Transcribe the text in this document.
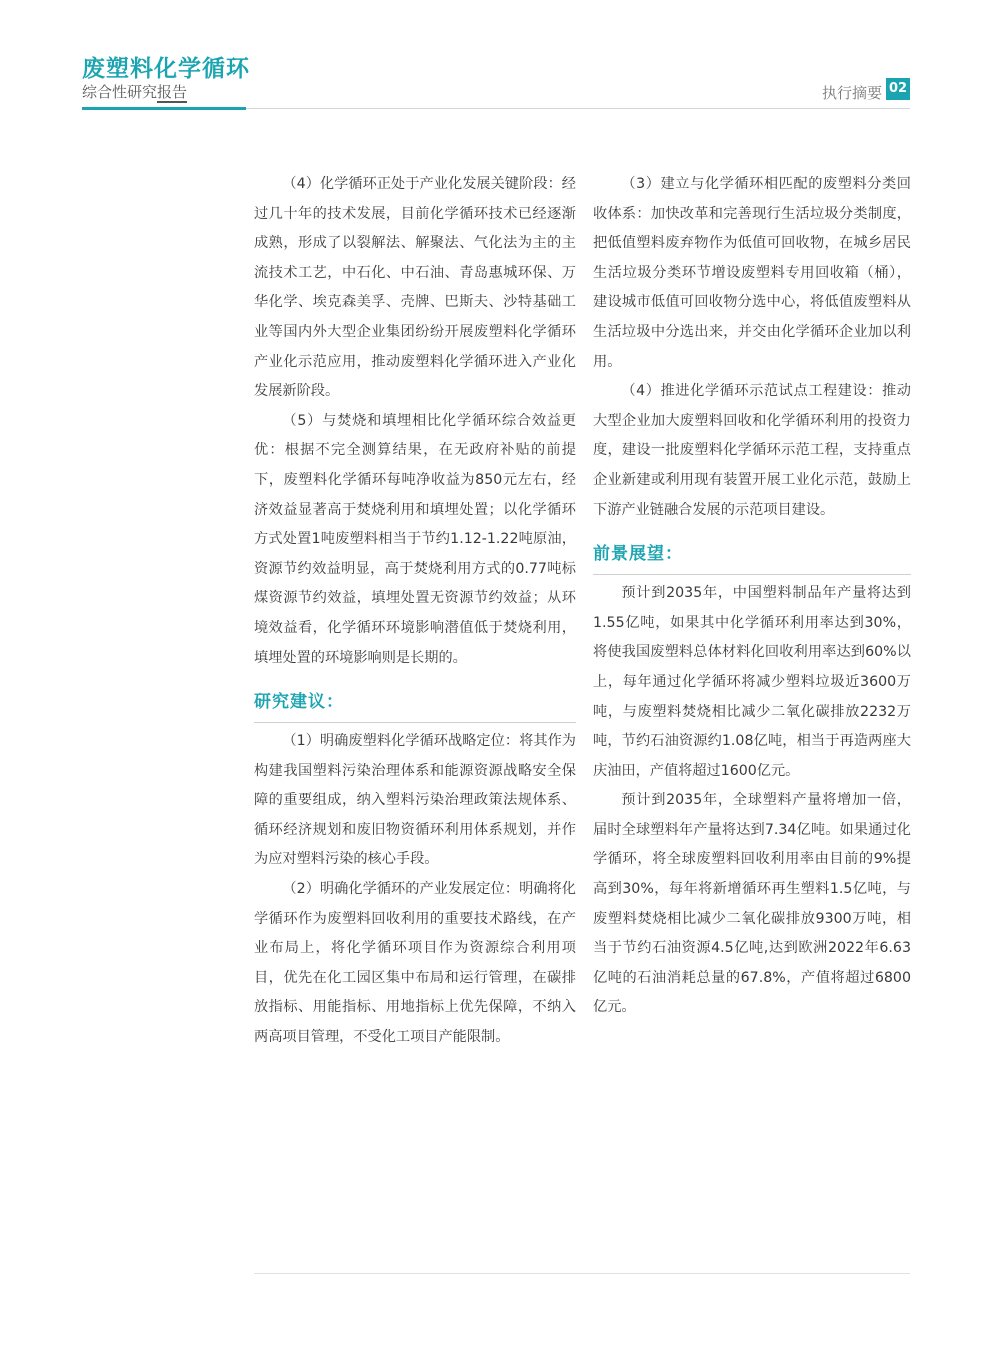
废塑料化学循环
综合性研究报告	执行摘要 02

（4）化学循环正处于产业化发展关键阶段：经过几十年的技术发展，目前化学循环技术已经逐渐成熟，形成了以裂解法、解聚法、气化法为主的主流技术工艺，中石化、中石油、青岛惠城环保、万华化学、埃克森美孚、壳牌、巴斯夫、沙特基础工业等国内外大型企业集团纷纷开展废塑料化学循环产业化示范应用，推动废塑料化学循环进入产业化发展新阶段。

（5）与焚烧和填埋相比化学循环综合效益更优：根据不完全测算结果，在无政府补贴的前提下，废塑料化学循环每吨净收益为850元左右，经济效益显著高于焚烧利用和填埋处置；以化学循环方式处置1吨废塑料相当于节约1.12-1.22吨原油，资源节约效益明显，高于焚烧利用方式的0.77吨标煤资源节约效益，填埋处置无资源节约效益；从环境效益看，化学循环环境影响潜值低于焚烧利用，填埋处置的环境影响则是长期的。

研究建议：

（1）明确废塑料化学循环战略定位：将其作为构建我国塑料污染治理体系和能源资源战略安全保障的重要组成，纳入塑料污染治理政策法规体系、循环经济规划和废旧物资循环利用体系规划，并作为应对塑料污染的核心手段。

（2）明确化学循环的产业发展定位：明确将化学循环作为废塑料回收利用的重要技术路线，在产业布局上，将化学循环项目作为资源综合利用项目，优先在化工园区集中布局和运行管理，在碳排放指标、用能指标、用地指标上优先保障，不纳入两高项目管理，不受化工项目产能限制。

（3）建立与化学循环相匹配的废塑料分类回收体系：加快改革和完善现行生活垃圾分类制度，把低值塑料废弃物作为低值可回收物，在城乡居民生活垃圾分类环节增设废塑料专用回收箱（桶），建设城市低值可回收物分选中心，将低值废塑料从生活垃圾中分选出来，并交由化学循环企业加以利用。

（4）推进化学循环示范试点工程建设：推动大型企业加大废塑料回收和化学循环利用的投资力度，建设一批废塑料化学循环示范工程，支持重点企业新建或利用现有装置开展工业化示范，鼓励上下游产业链融合发展的示范项目建设。

前景展望：

预计到2035年，中国塑料制品年产量将达到1.55亿吨，如果其中化学循环利用率达到30%，将使我国废塑料总体材料化回收利用率达到60%以上，每年通过化学循环将减少塑料垃圾近3600万吨，与废塑料焚烧相比减少二氧化碳排放2232万吨，节约石油资源约1.08亿吨，相当于再造两座大庆油田，产值将超过1600亿元。

预计到2035年，全球塑料产量将增加一倍，届时全球塑料年产量将达到7.34亿吨。如果通过化学循环，将全球废塑料回收利用率由目前的9%提高到30%，每年将新增循环再生塑料1.5亿吨，与废塑料焚烧相比减少二氧化碳排放9300万吨，相当于节约石油资源4.5亿吨,达到欧洲2022年6.63亿吨的石油消耗总量的67.8%，产值将超过6800亿元。
